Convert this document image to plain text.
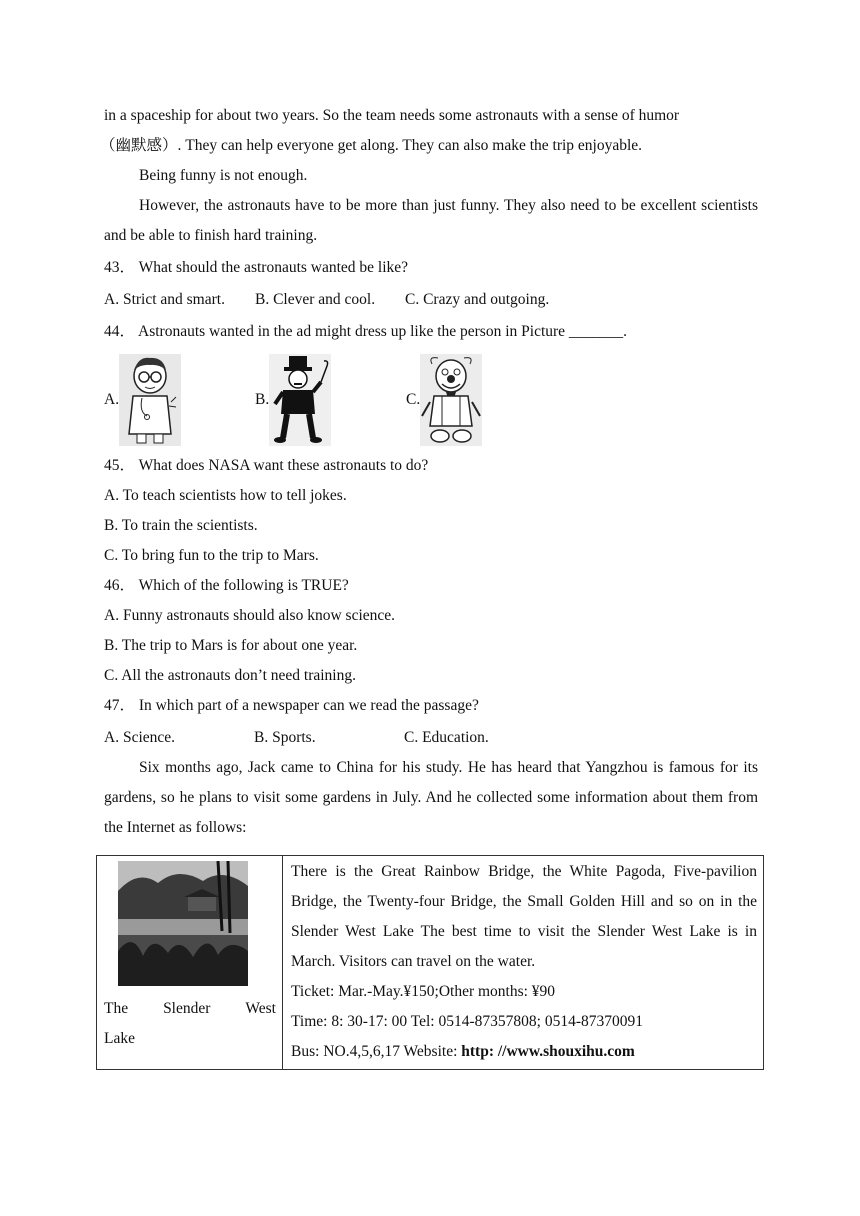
in a spaceship for about two years. So the team needs some astronauts with a sense of humor

（幽默感）. They can help everyone get along. They can also make the trip enjoyable.

Being funny is not enough.

However, the astronauts have to be more than just funny. They also need to be excellent scientists and be able to finish hard training.

43． What should the astronauts wanted be like?

A. Strict and smart.	B. Clever and cool.	C. Crazy and outgoing.

44． Astronauts wanted in the ad might dress up like the person in Picture _______.

A.	B.	C.

45． What does NASA want these astronauts to do?

A. To teach scientists how to tell jokes.

B. To train the scientists.

C. To bring fun to the trip to Mars.

46． Which of the following is TRUE?

A. Funny astronauts should also know science.

B. The trip to Mars is for about one year.

C. All the astronauts don’t need training.

47． In which part of a newspaper can we read the passage?

A. Science.	B. Sports.	C. Education.

Six months ago, Jack came to China for his study. He has heard that Yangzhou is famous for its gardens, so he plans to visit some gardens in July. And he collected some information about them from the Internet as follows:

The Slender West
Lake

There is the Great Rainbow Bridge, the White Pagoda, Five-pavilion Bridge, the Twenty-four Bridge, the Small Golden Hill and so on in the Slender West Lake The best time to visit the Slender West Lake is in March. Visitors can travel on the water.
Ticket: Mar.-May.¥150;Other months: ¥90
Time: 8: 30-17: 00 Tel: 0514-87357808; 0514-87370091
Bus: NO.4,5,6,17 Website: http: //www.shouxihu.com
